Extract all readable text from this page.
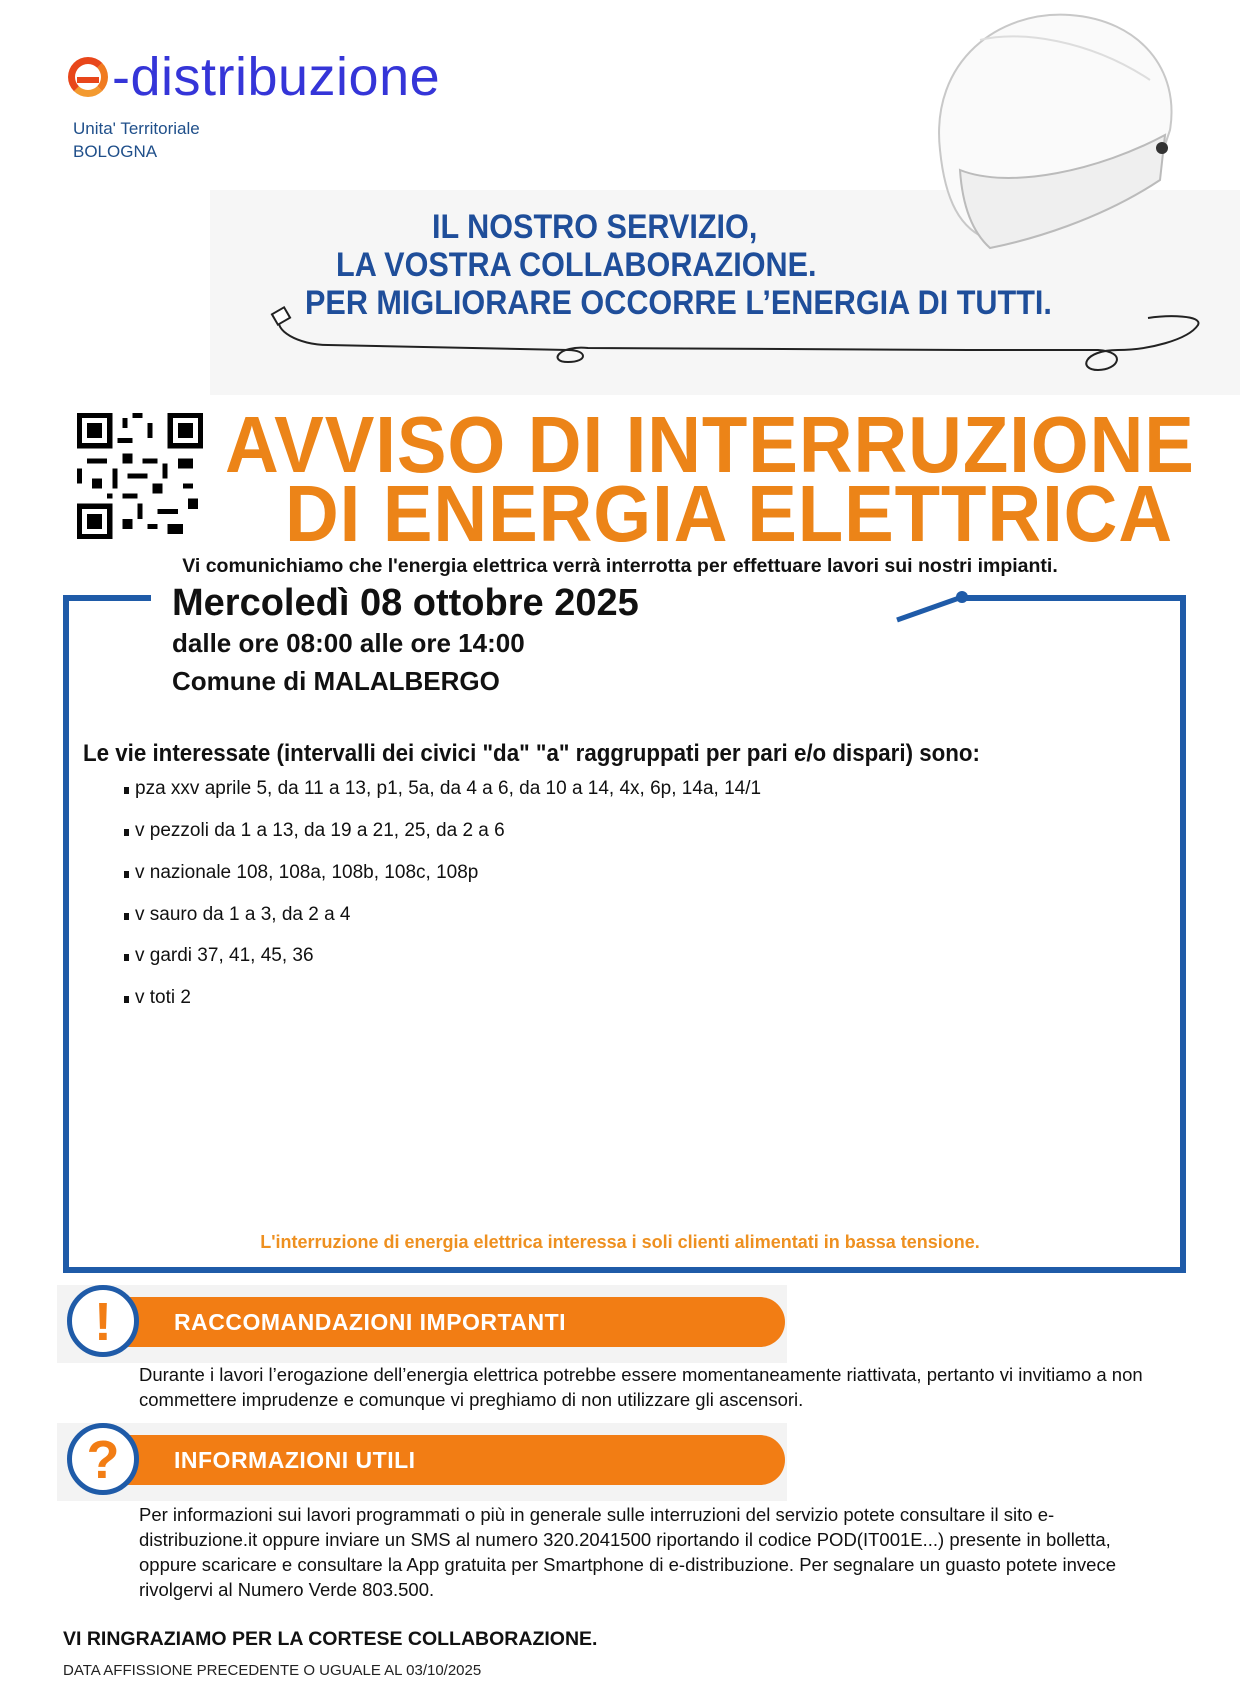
-distribuzione
Unita' Territoriale
BOLOGNA
IL NOSTRO SERVIZIO,
LA VOSTRA COLLABORAZIONE.
PER MIGLIORARE OCCORRE L’ENERGIA DI TUTTI.
AVVISO DI INTERRUZIONE
DI ENERGIA ELETTRICA
Vi comunichiamo che l'energia elettrica verrà interrotta per effettuare lavori sui nostri impianti.
Mercoledì 08 ottobre 2025
dalle ore 08:00 alle ore 14:00
Comune di MALALBERGO
Le vie interessate (intervalli dei civici "da" "a" raggruppati per pari e/o dispari) sono:
pza xxv aprile 5, da 11 a 13, p1, 5a, da 4 a 6, da 10 a 14, 4x, 6p, 14a, 14/1
v pezzoli da 1 a 13, da 19 a 21, 25, da 2 a 6
v nazionale 108, 108a, 108b, 108c, 108p
v sauro da 1 a 3, da 2 a 4
v gardi 37, 41, 45, 36
v toti 2
L'interruzione di energia elettrica interessa i soli clienti alimentati in bassa tensione.
RACCOMANDAZIONI IMPORTANTI
!
Durante i lavori l’erogazione dell’energia elettrica potrebbe essere momentaneamente riattivata, pertanto vi invitiamo a non commettere imprudenze e comunque vi preghiamo di non utilizzare gli ascensori.
INFORMAZIONI UTILI
?
Per informazioni sui lavori programmati o più in generale sulle interruzioni del servizio potete consultare il sito e-distribuzione.it oppure inviare un SMS al numero 320.2041500 riportando il codice POD(IT001E...) presente in bolletta, oppure scaricare e consultare la App gratuita per Smartphone di e-distribuzione. Per segnalare un guasto potete invece rivolgervi al Numero Verde 803.500.
VI RINGRAZIAMO PER LA CORTESE COLLABORAZIONE.
DATA AFFISSIONE PRECEDENTE O UGUALE AL 03/10/2025
